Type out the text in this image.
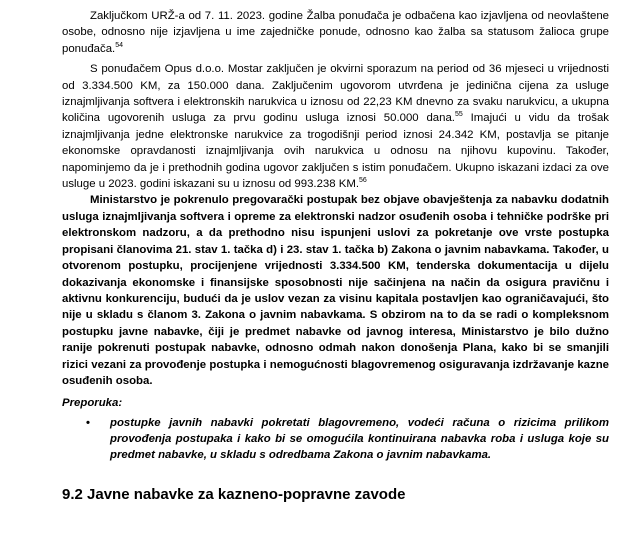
Zaključkom URŽ-a od 7. 11. 2023. godine Žalba ponuđača je odbačena kao izjavljena od neovlaštene osobe, odnosno nije izjavljena u ime zajedničke ponude, odnosno kao žalba sa statusom žalioca grupe ponuđača.$^{54}$

S ponuđačem Opus d.o.o. Mostar zaključen je okvirni sporazum na period od 36 mjeseci u vrijednosti od 3.334.500 KM, za 150.000 dana. Zaključenim ugovorom utvrđena je jedinična cijena za usluge iznajmljivanja softvera i elektronskih narukvica u iznosu od 22,23 KM dnevno za svaku narukvicu, a ukupna količina ugovorenih usluga za prvu godinu usluga iznosi 50.000 dana.$^{55}$ Imajući u vidu da trošak iznajmljivanja jedne elektronske narukvice za trogodišnji period iznosi 24.342 KM, postavlja se pitanje ekonomske opravdanosti iznajmljivanja ovih narukvica u odnosu na njihovu kupovinu. Također, napominjemo da je i prethodnih godina ugovor zaključen s istim ponuđačem. Ukupno iskazani izdaci za ove usluge u 2023. godini iskazani su u iznosu od 993.238 KM.$^{56}$

Ministarstvo je pokrenulo pregovarački postupak bez objave obavještenja za nabavku dodatnih usluga iznajmljivanja softvera i opreme za elektronski nadzor osuđenih osoba i tehničke podrške pri elektronskom nadzoru, a da prethodno nisu ispunjeni uslovi za pokretanje ove vrste postupka propisani članovima 21. stav 1. tačka d) i 23. stav 1. tačka b) Zakona o javnim nabavkama. Također, u otvorenom postupku, procijenjene vrijednosti 3.334.500 KM, tenderska dokumentacija u dijelu dokazivanja ekonomske i finansijske sposobnosti nije sačinjena na način da osigura pravičnu i aktivnu konkurenciju, budući da je uslov vezan za visinu kapitala postavljen kao ograničavajući, što nije u skladu s članom 3. Zakona o javnim nabavkama. S obzirom na to da se radi o kompleksnom postupku javne nabavke, čiji je predmet nabavke od javnog interesa, Ministarstvo je bilo dužno ranije pokrenuti postupak nabavke, odnosno odmah nakon donošenja Plana, kako bi se smanjili rizici vezani za provođenje postupka i nemogućnosti blagovremenog osiguravanja izdržavanje kazne osuđenih osoba.

Preporuka:
• postupke javnih nabavki pokretati blagovremeno, vodeći računa o rizicima prilikom provođenja postupaka i kako bi se omogućila kontinuirana nabavka roba i usluga koje su predmet nabavke, u skladu s odredbama Zakona o javnim nabavkama.
9.2 Javne nabavke za kazneno-popravne zavode
